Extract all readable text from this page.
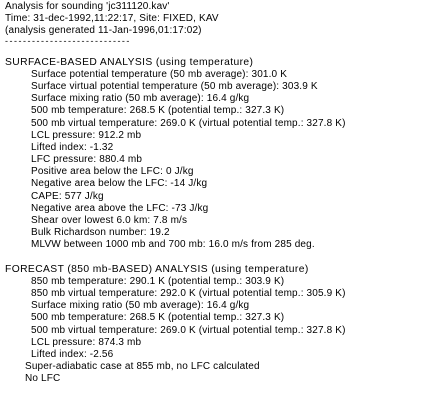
Analysis for sounding 'jc311120.kav'
Time: 31-dec-1992,11:22:17, Site: FIXED, KAV
(analysis generated 11-Jan-1996,01:17:02)
- - - - - - - - - - - - - - - - - - - - - - - - - - - -
SURFACE-BASED ANALYSIS (using temperature)
Surface potential temperature (50 mb average): 301.0 K
Surface virtual potential temperature (50 mb average): 303.9 K
Surface mixing ratio (50 mb average): 16.4 g/kg
500 mb temperature: 268.5 K (potential temp.: 327.3 K)
500 mb virtual temperature: 269.0 K (virtual potential temp.: 327.8 K)
LCL pressure: 912.2 mb
Lifted index: -1.32
LFC pressure: 880.4 mb
Positive area below the LFC: 0 J/kg
Negative area below the LFC: -14 J/kg
CAPE: 577 J/kg
Negative area above the LFC: -73 J/kg
Shear over lowest 6.0 km: 7.8 m/s
Bulk Richardson number: 19.2
MLVW between 1000 mb and 700 mb: 16.0 m/s from 285 deg.
FORECAST (850 mb-BASED) ANALYSIS (using temperature)
850 mb temperature: 290.1 K (potential temp.: 303.9 K)
850 mb virtual temperature: 292.0 K (virtual potential temp.: 305.9 K)
Surface mixing ratio (50 mb average): 16.4 g/kg
500 mb temperature: 268.5 K (potential temp.: 327.3 K)
500 mb virtual temperature: 269.0 K (virtual potential temp.: 327.8 K)
LCL pressure: 874.3 mb
Lifted index: -2.56
Super-adiabatic case at 855 mb, no LFC calculated
No LFC
